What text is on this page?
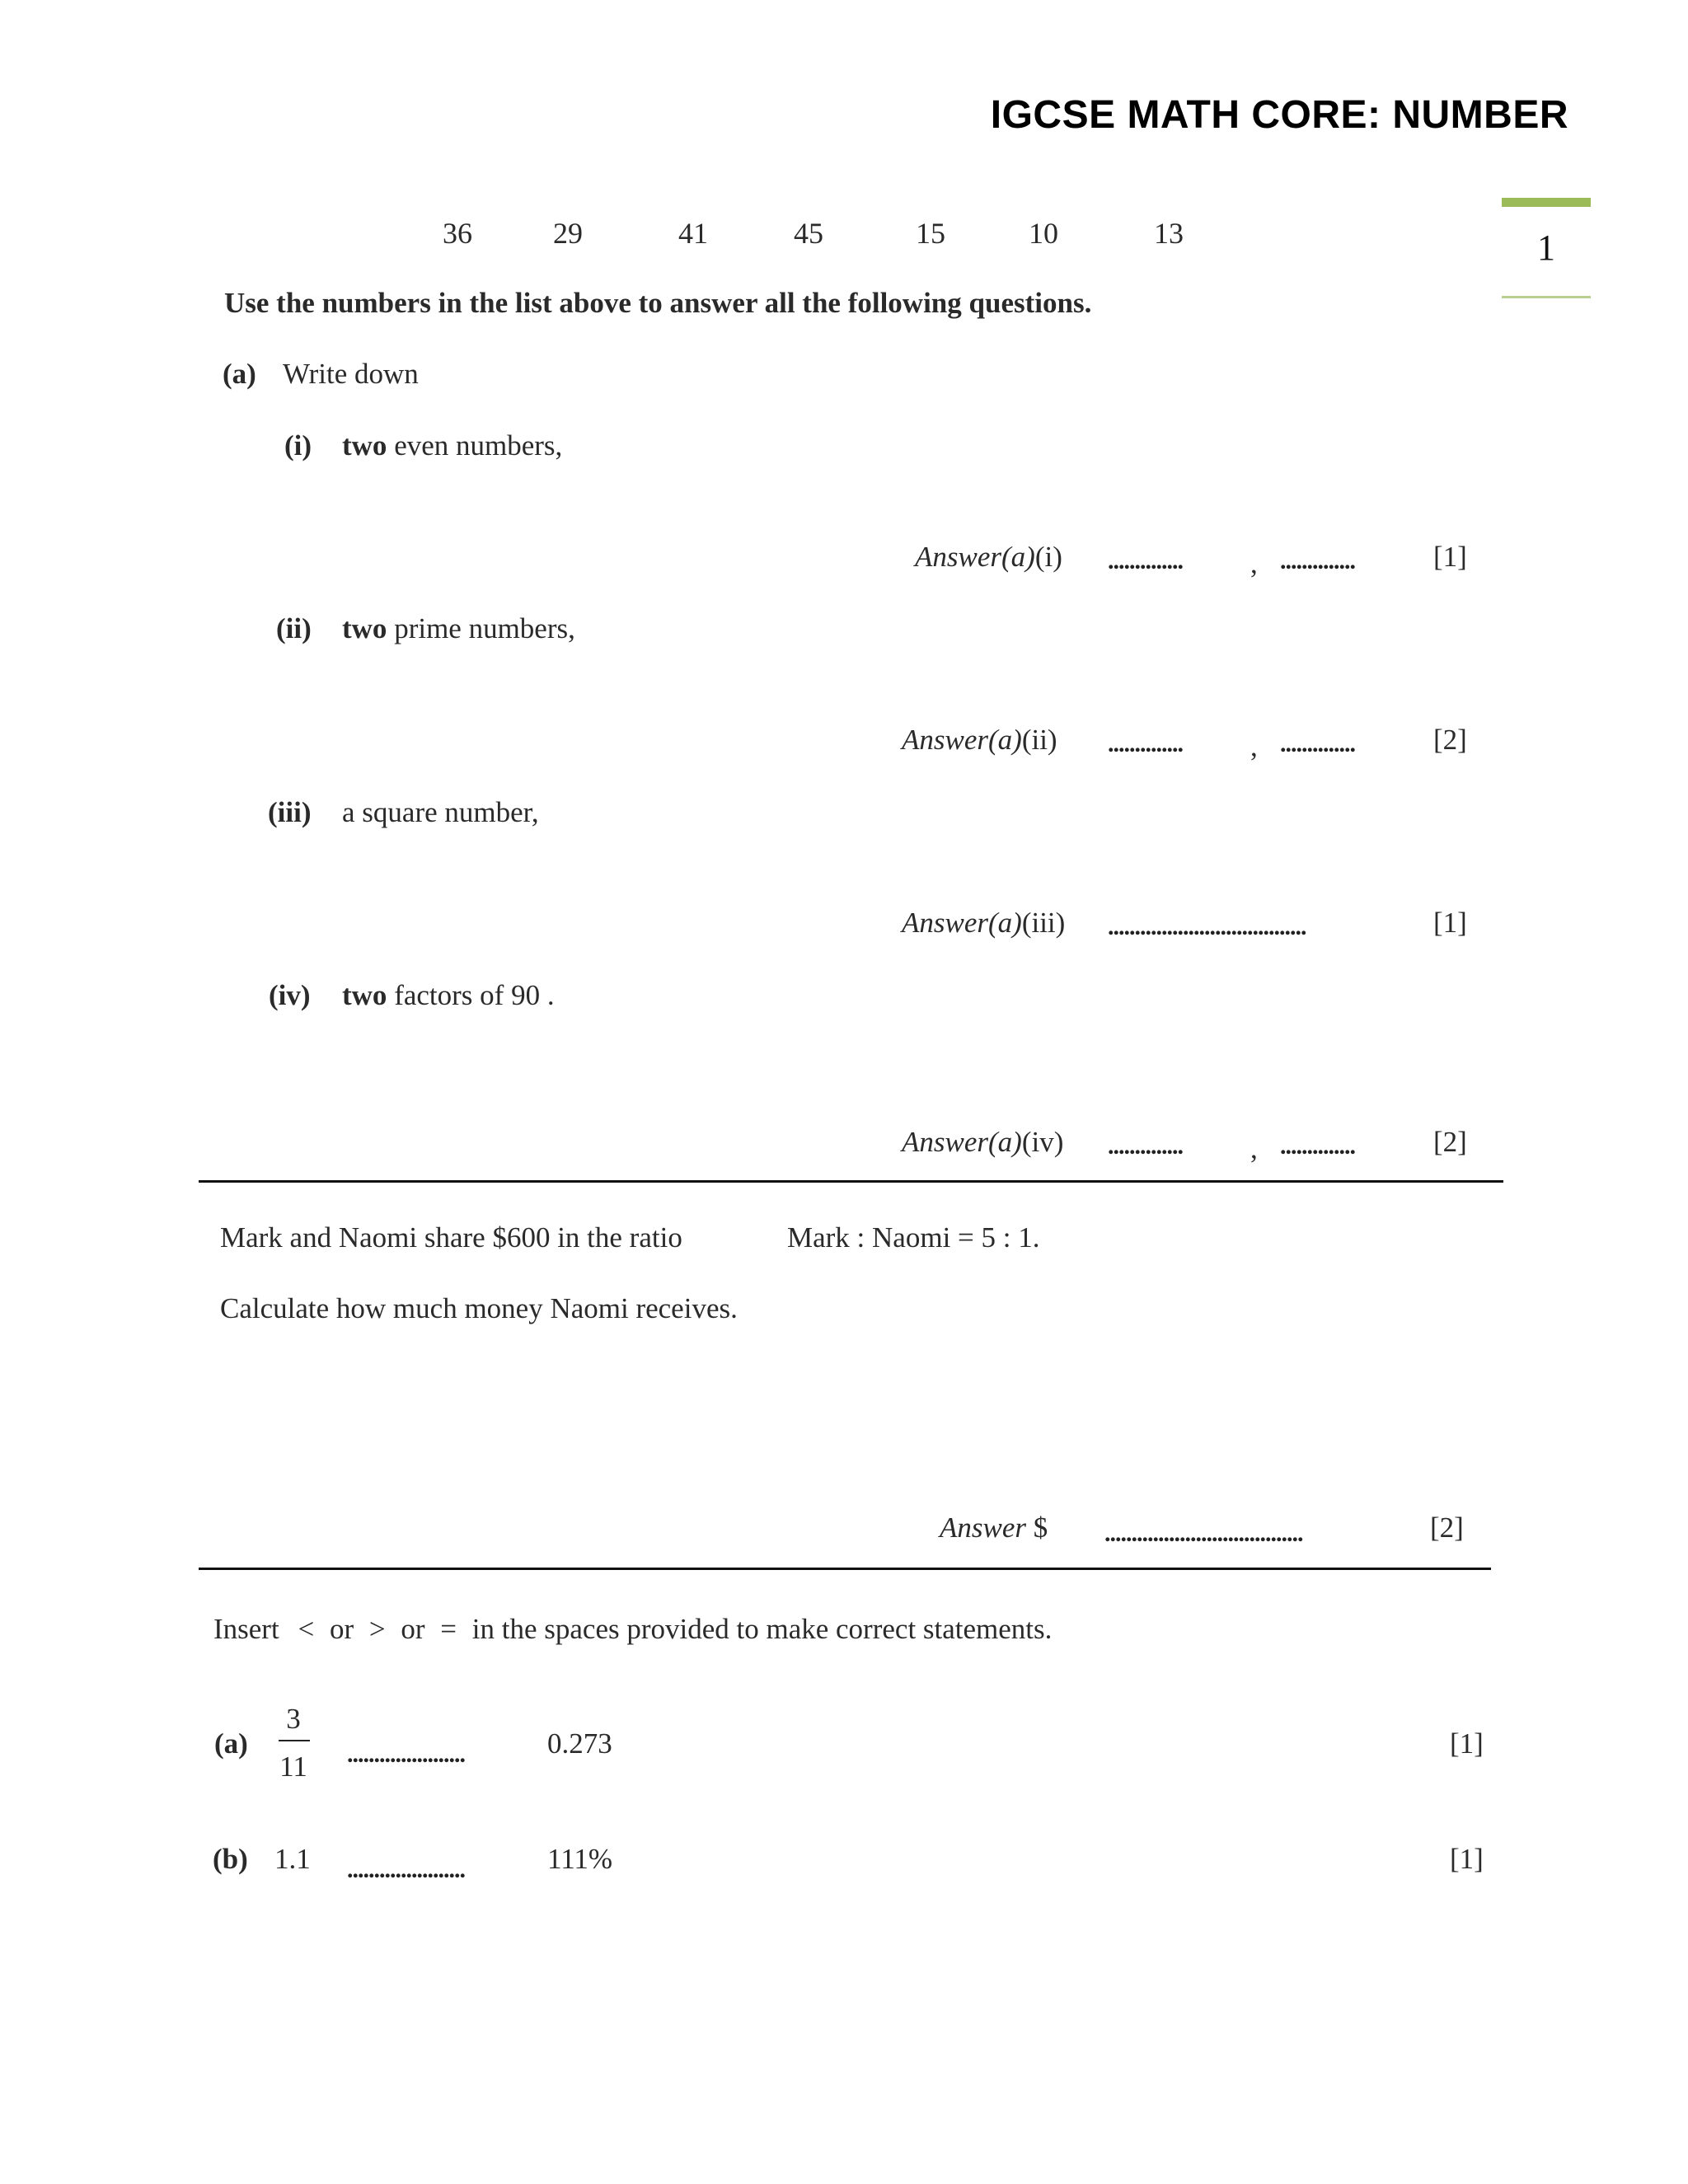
IGCSE MATH CORE: NUMBER
1
36	29	41	45	15	10	13
Use the numbers in the list above to answer all the following questions.
(a) Write down
(i) two even numbers,
Answer(a)(i) .............. , ..............	[1]
(ii) two prime numbers,
Answer(a)(ii) .............. , ..............	[2]
(iii) a square number,
Answer(a)(iii) .....................................	[1]
(iv) two factors of 90 .
Answer(a)(iv) .............. , ..............	[2]
Mark and Naomi share $600 in the ratio	Mark : Naomi = 5 : 1.
Calculate how much money Naomi receives.
Answer $ .....................................	[2]
Insert < or > or = in the spaces provided to make correct statements.
(a)
3
11 ......................	0.273	[1]
(b) 1.1 ......................	111%	[1]
